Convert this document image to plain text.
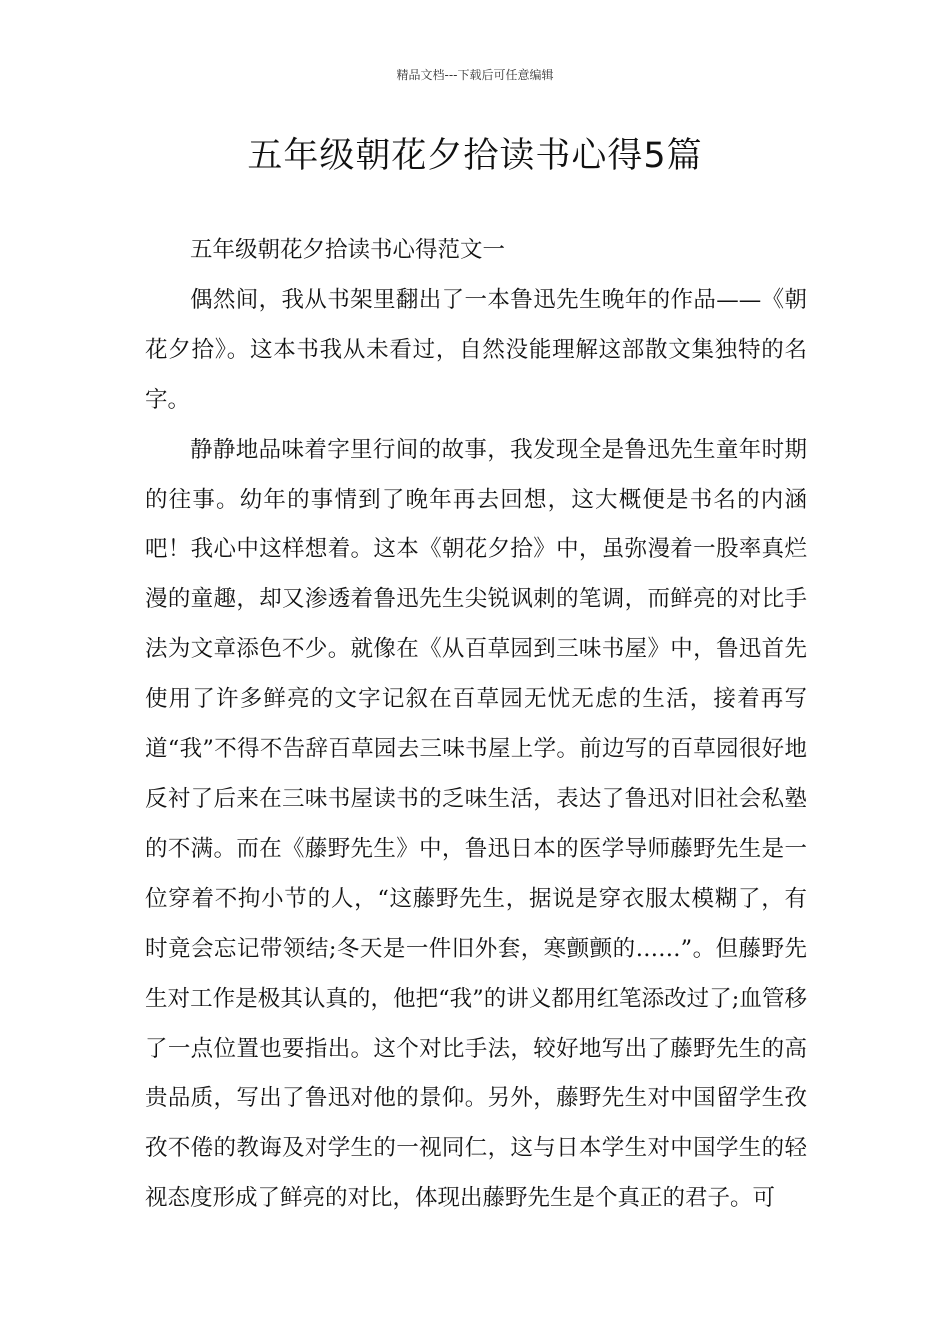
精品文档---下载后可任意编辑
五年级朝花夕拾读书心得5篇

五年级朝花夕拾读书心得范文一

偶然间，我从书架里翻出了一本鲁迅先生晚年的作品——《朝花夕拾》。这本书我从未看过，自然没能理解这部散文集独特的名字。

静静地品味着字里行间的故事，我发现全是鲁迅先生童年时期的往事。幼年的事情到了晚年再去回想，这大概便是书名的内涵吧！我心中这样想着。这本《朝花夕拾》中，虽弥漫着一股率真烂漫的童趣，却又渗透着鲁迅先生尖锐讽刺的笔调，而鲜亮的对比手法为文章添色不少。就像在《从百草园到三味书屋》中，鲁迅首先使用了许多鲜亮的文字记叙在百草园无忧无虑的生活，接着再写道“我”不得不告辞百草园去三味书屋上学。前边写的百草园很好地反衬了后来在三味书屋读书的乏味生活，表达了鲁迅对旧社会私塾的不满。而在《藤野先生》中，鲁迅日本的医学导师藤野先生是一位穿着不拘小节的人，“这藤野先生，据说是穿衣服太模糊了，有时竟会忘记带领结;冬天是一件旧外套，寒颤颤的……”。但藤野先生对工作是极其认真的，他把“我”的讲义都用红笔添改过了;血管移了一点位置也要指出。这个对比手法，较好地写出了藤野先生的高贵品质，写出了鲁迅对他的景仰。另外，藤野先生对中国留学生孜孜不倦的教诲及对学生的一视同仁，这与日本学生对中国学生的轻视态度形成了鲜亮的对比，体现出藤野先生是个真正的君子。可
